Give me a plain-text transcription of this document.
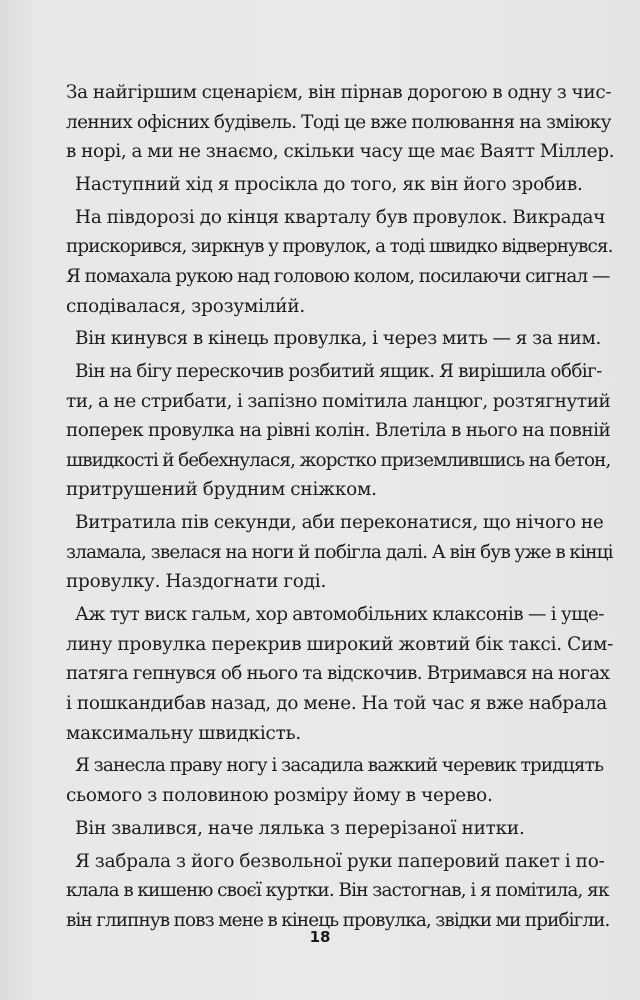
За найгіршим сценарієм, він пірнав дорогою в одну з чис-
ленних офісних будівель. Тоді це вже полювання на зміюку
в норі, а ми не знаємо, скільки часу ще має Ваятт Міллер.

Наступний хід я просікла до того, як він його зробив.

На півдорозі до кінця кварталу був провулок. Викрадач
прискорився, зиркнув у провулок, а тоді швидко відвернувся.
Я помахала рукою над головою колом, посилаючи сигнал —
сподівалася, зрозуміли́й.

Він кинувся в кінець провулка, і через мить — я за ним.

Він на бігу перескочив розбитий ящик. Я вирішила оббіг-
ти, а не стрибати, і запізно помітила ланцюг, розтягнутий
поперек провулка на рівні колін. Влетіла в нього на повній
швидкості й бебехнулася, жорстко приземлившись на бетон,
притрушений брудним сніжком.

Витратила пів секунди, аби переконатися, що нічого не
зламала, звелася на ноги й побігла далі. А він був уже в кінці
провулку. Наздогнати годі.

Аж тут виск гальм, хор автомобільних клаксонів — і уще-
лину провулка перекрив широкий жовтий бік таксі. Сим-
патяга гепнувся об нього та відскочив. Втримався на ногах
і пошкандибав назад, до мене. На той час я вже набрала
максимальну швидкість.

Я занесла праву ногу і засадила важкий черевик тридцять
сьомого з половиною розміру йому в черево.

Він звалився, наче лялька з перерізаної нитки.

Я забрала з його безвольної руки паперовий пакет і по-
клала в кишеню своєї куртки. Він застогнав, і я помітила, як
він глипнув повз мене в кінець провулка, звідки ми прибігли.

18
